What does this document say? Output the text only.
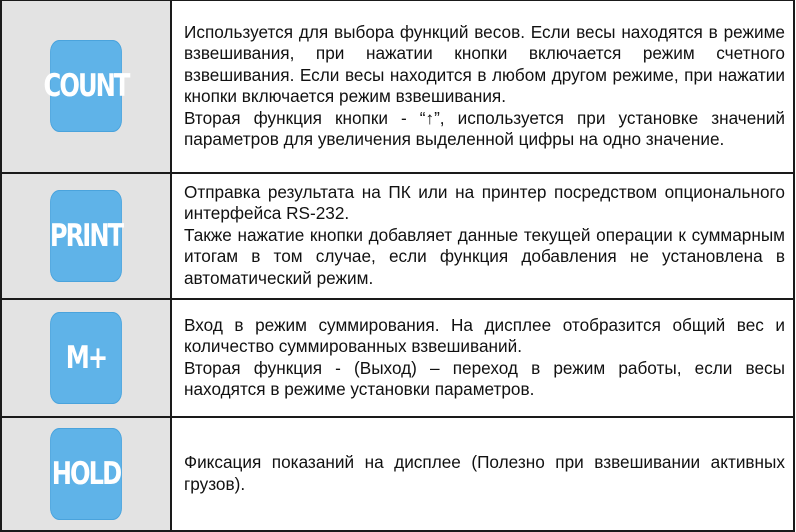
COUNT	Используется для выбора функций весов. Если весы находятся в режиме взвешивания, при нажатии кнопки включается режим счетного взвешивания. Если весы находится в любом другом режиме, при нажатии кнопки включается режим взвешивания.

Вторая функция кнопки - “↑”, используется при установке значений параметров для увеличения выделенной цифры на одно значение.

PRINT	Отправка результата на ПК или на принтер посредством опционального интерфейса RS-232.

Также нажатие кнопки добавляет данные текущей операции к суммарным итогам в том случае, если функция добавления не установлена в автоматический режим.

M+	Вход в режим суммирования. На дисплее отобразится общий вес и количество суммированных взвешиваний.

Вторая функция - (Выход) – переход в режим работы, если весы находятся в режиме установки параметров.

HOLD	Фиксация показаний на дисплее (Полезно при взвешивании активных грузов).
